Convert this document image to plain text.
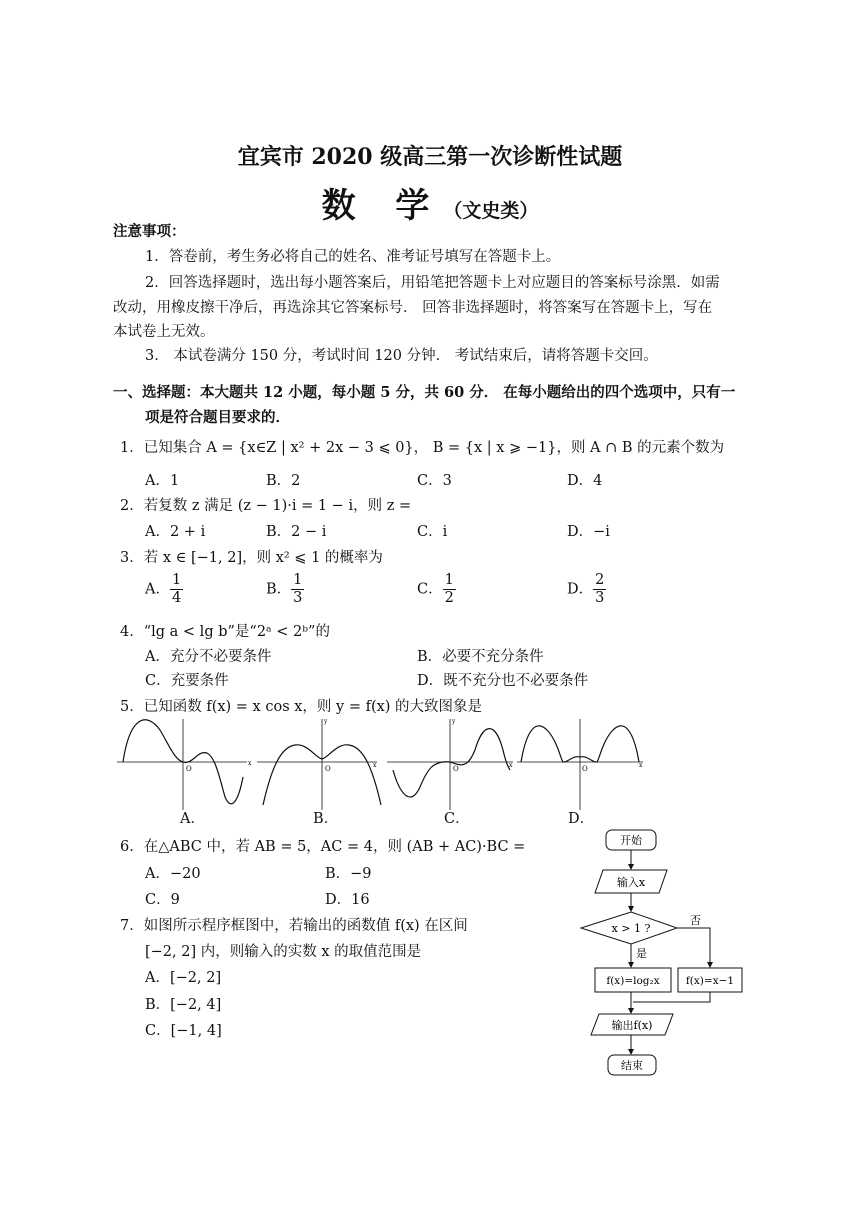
宜宾市 2020 级高三第一次诊断性试题
数 学（文史类）
注意事项：
1．答卷前，考生务必将自己的姓名、准考证号填写在答题卡上。
2．回答选择题时，选出每小题答案后，用铅笔把答题卡上对应题目的答案标号涂黑．如需
改动，用橡皮擦干净后，再选涂其它答案标号． 回答非选择题时，将答案写在答题卡上，写在
本试卷上无效。
3． 本试卷满分 150 分，考试时间 120 分钟． 考试结束后，请将答题卡交回。
一、选择题：本大题共 12 小题，每小题 5 分，共 60 分． 在每小题给出的四个选项中，只有一
项是符合题目要求的．
1．已知集合 A = {x∈Z | x² + 2x − 3 ⩽ 0}， B = {x | x ⩾ −1}，则 A ∩ B 的元素个数为
A．1	B．2	C．3	D．4
2．若复数 z 满足 (z − 1)·i = 1 − i，则 z =
A．2 + i	B．2 − i	C．i	D．−i
3．若 x ∈ [−1, 2]，则 x² ⩽ 1 的概率为
A． $\frac{1}{4}$	B． $\frac{1}{3}$	C． $\frac{1}{2}$	D． $\frac{2}{3}$
4．“lg a < lg b”是“2ᵃ < 2ᵇ”的
A．充分不必要条件	B．必要不充分条件
C．充要条件	D．既不充分也不必要条件
5．已知函数 f(x) = x cos x，则 y = f(x) 的大致图象是
O
x
O	x
y
O	x
y
O	x
A．	B．	C．	D．
6．在△ABC 中，若 AB = 5，AC = 4，则 (AB + AC)·BC =
A．−20	B．−9
C．9	D．16
7．如图所示程序框图中，若输出的函数值 f(x) 在区间
[−2, 2] 内，则输入的实数 x 的取值范围是
A．[−2, 2]
B．[−2, 4]
C．[−1, 4]
开始
输入x
x > 1 ?
否
是
f(x)=log₂x f(x)=x−1
输出f(x)
结束
